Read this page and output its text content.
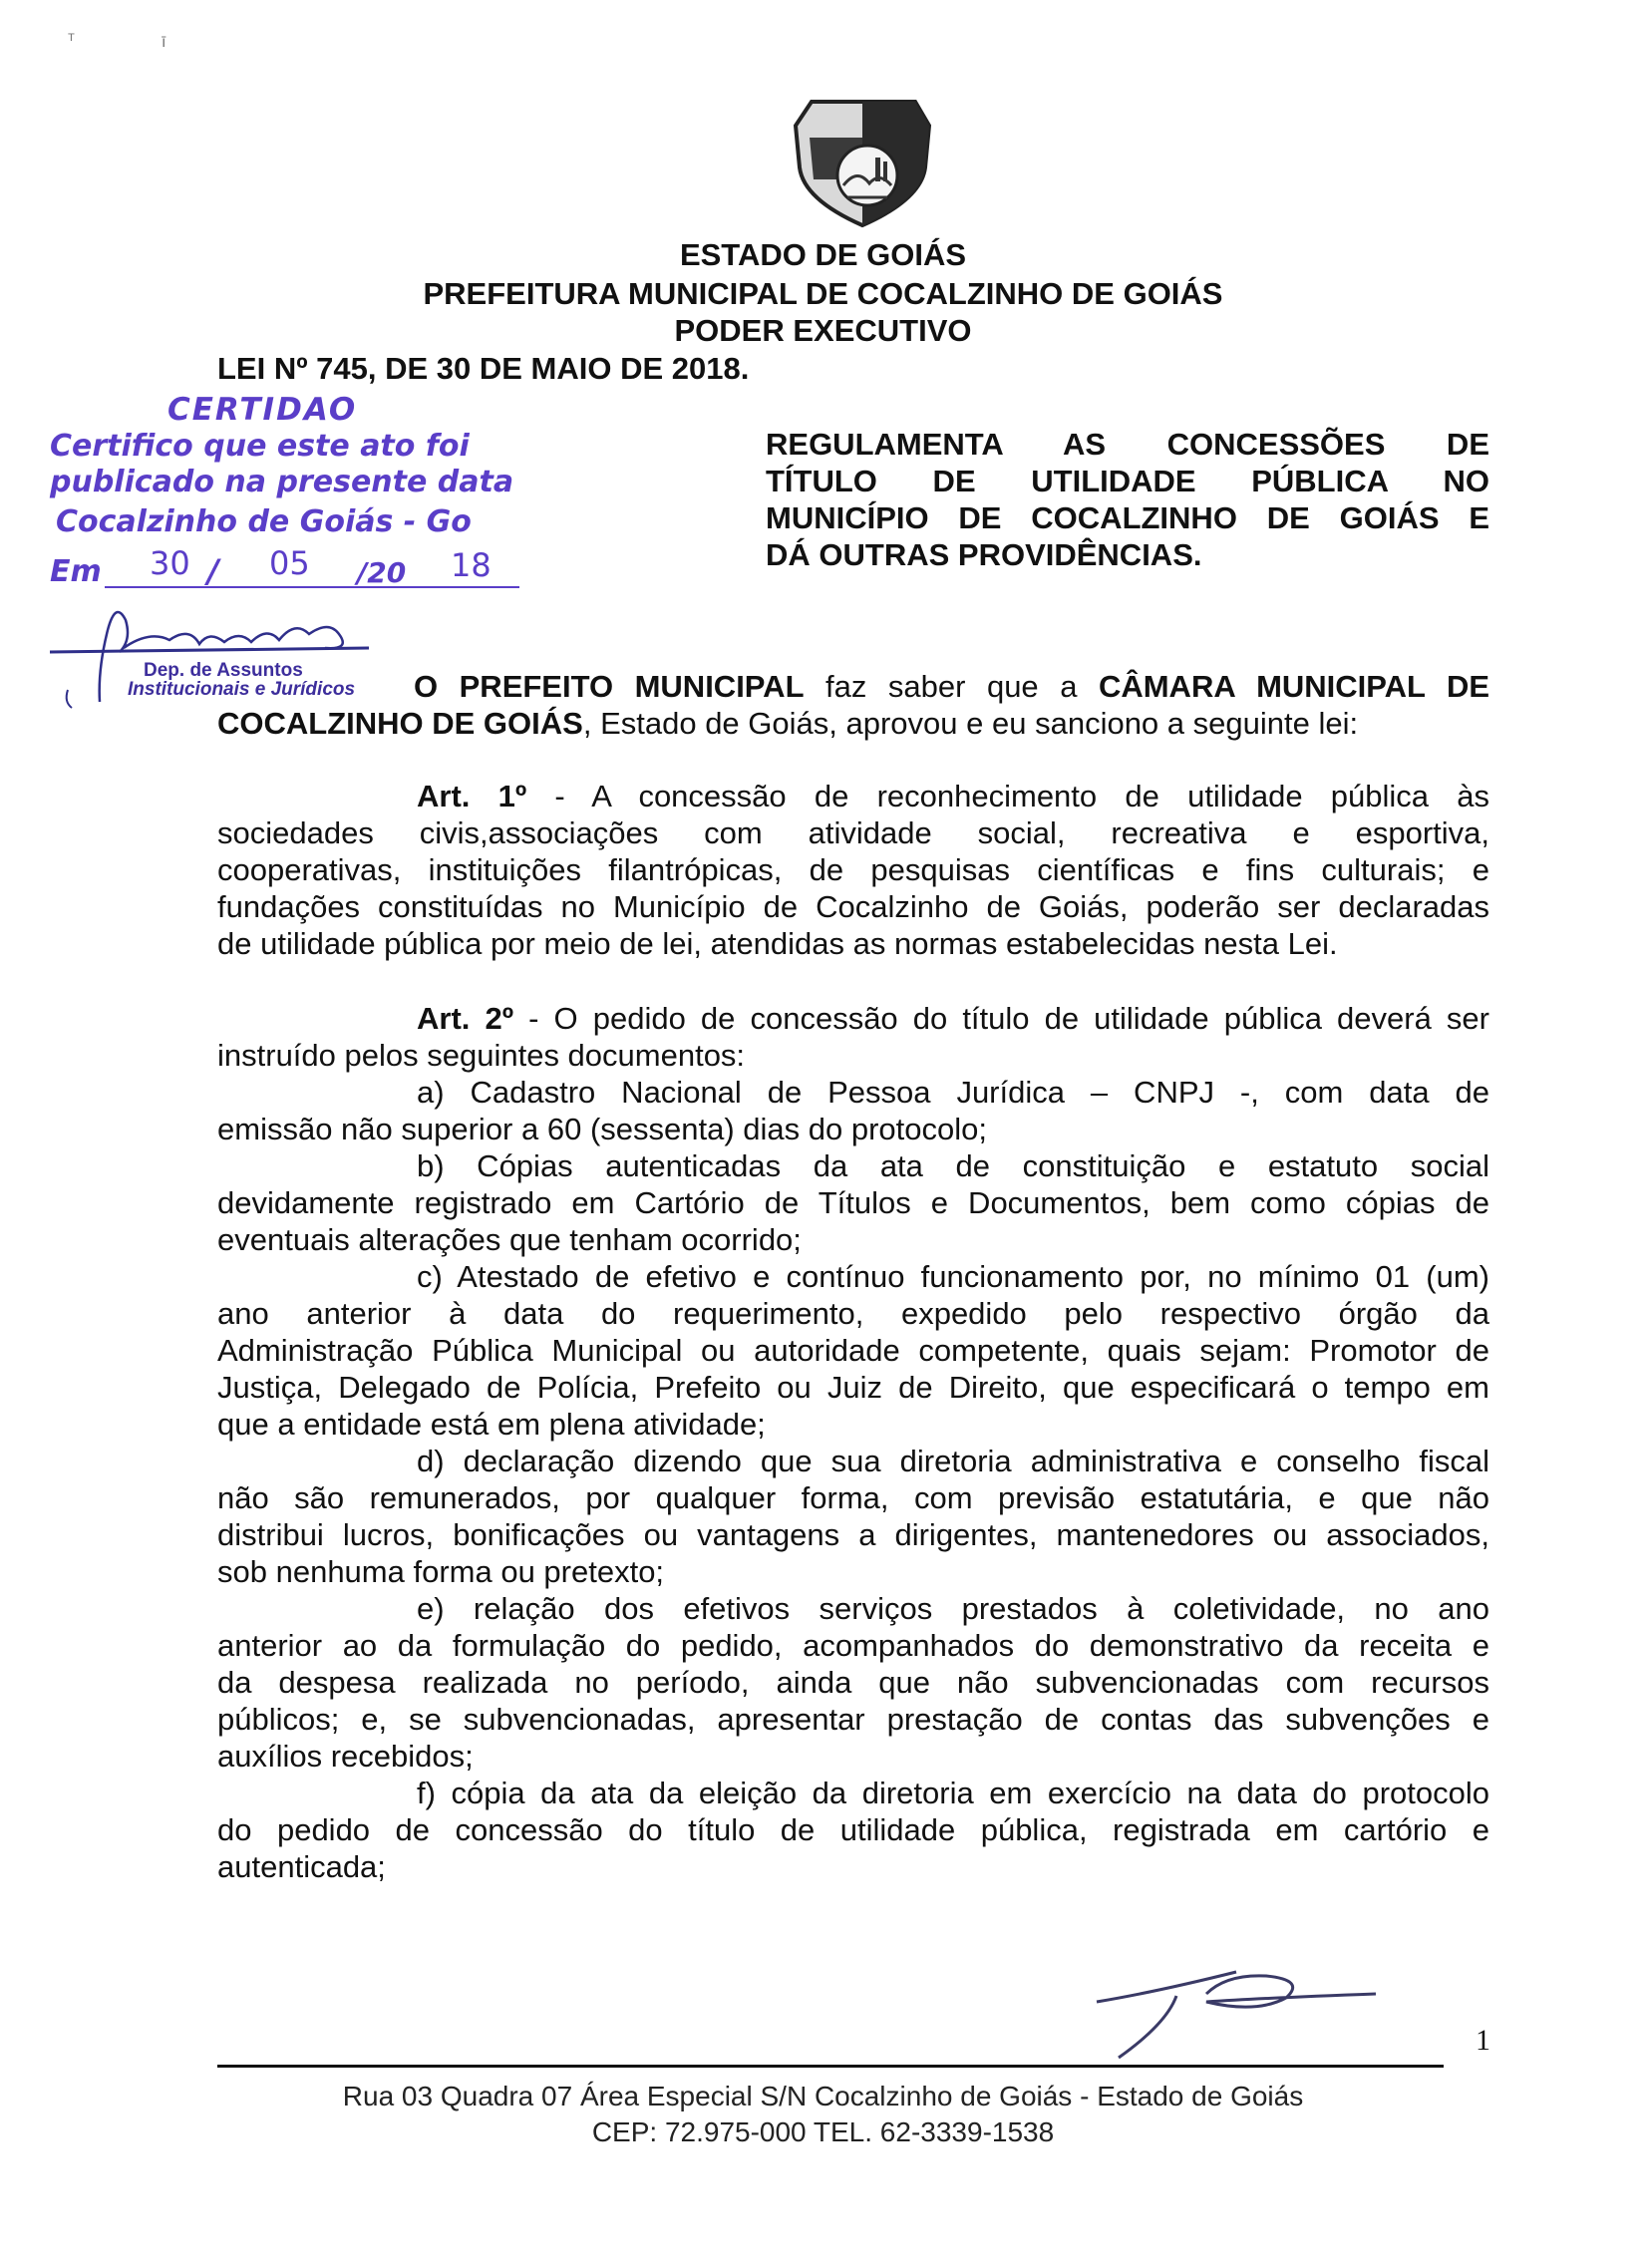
ᵀ	ī
ESTADO DE GOIÁS
PREFEITURA MUNICIPAL DE COCALZINHO DE GOIÁS
PODER EXECUTIVO
LEI Nº 745, DE 30 DE MAIO DE 2018.
CERTIDAO
Certifico que este ato foi
publicado na presente data
Cocalzinho de Goiás - Go
Em 30 / 05 /20 18
Dep. de Assuntos
Institucionais e Jurídicos
REGULAMENTA AS CONCESSÕES DE
TÍTULO DE UTILIDADE PÚBLICA NO
MUNICÍPIO DE COCALZINHO DE GOIÁS E
DÁ OUTRAS PROVIDÊNCIAS.
O PREFEITO MUNICIPAL faz saber que a CÂMARA MUNICIPAL DE
COCALZINHO DE GOIÁS, Estado de Goiás, aprovou e eu sanciono a seguinte lei:
Art. 1º - A concessão de reconhecimento de utilidade pública às
sociedades civis,associações com atividade social, recreativa e esportiva,
cooperativas, instituições filantrópicas, de pesquisas científicas e fins culturais; e
fundações constituídas no Município de Cocalzinho de Goiás, poderão ser declaradas
de utilidade pública por meio de lei, atendidas as normas estabelecidas nesta Lei.
Art. 2º - O pedido de concessão do título de utilidade pública deverá ser
instruído pelos seguintes documentos:
a) Cadastro Nacional de Pessoa Jurídica – CNPJ -, com data de
emissão não superior a 60 (sessenta) dias do protocolo;
b) Cópias autenticadas da ata de constituição e estatuto social
devidamente registrado em Cartório de Títulos e Documentos, bem como cópias de
eventuais alterações que tenham ocorrido;
c) Atestado de efetivo e contínuo funcionamento por, no mínimo 01 (um)
ano anterior à data do requerimento, expedido pelo respectivo órgão da
Administração Pública Municipal ou autoridade competente, quais sejam: Promotor de
Justiça, Delegado de Polícia, Prefeito ou Juiz de Direito, que especificará o tempo em
que a entidade está em plena atividade;
d) declaração dizendo que sua diretoria administrativa e conselho fiscal
não são remunerados, por qualquer forma, com previsão estatutária, e que não
distribui lucros, bonificações ou vantagens a dirigentes, mantenedores ou associados,
sob nenhuma forma ou pretexto;
e) relação dos efetivos serviços prestados à coletividade, no ano
anterior ao da formulação do pedido, acompanhados do demonstrativo da receita e
da despesa realizada no período, ainda que não subvencionadas com recursos
públicos; e, se subvencionadas, apresentar prestação de contas das subvenções e
auxílios recebidos;
f) cópia da ata da eleição da diretoria em exercício na data do protocolo
do pedido de concessão do título de utilidade pública, registrada em cartório e
autenticada;
1
Rua 03 Quadra 07 Área Especial S/N Cocalzinho de Goiás - Estado de Goiás
CEP: 72.975-000 TEL. 62-3339-1538
